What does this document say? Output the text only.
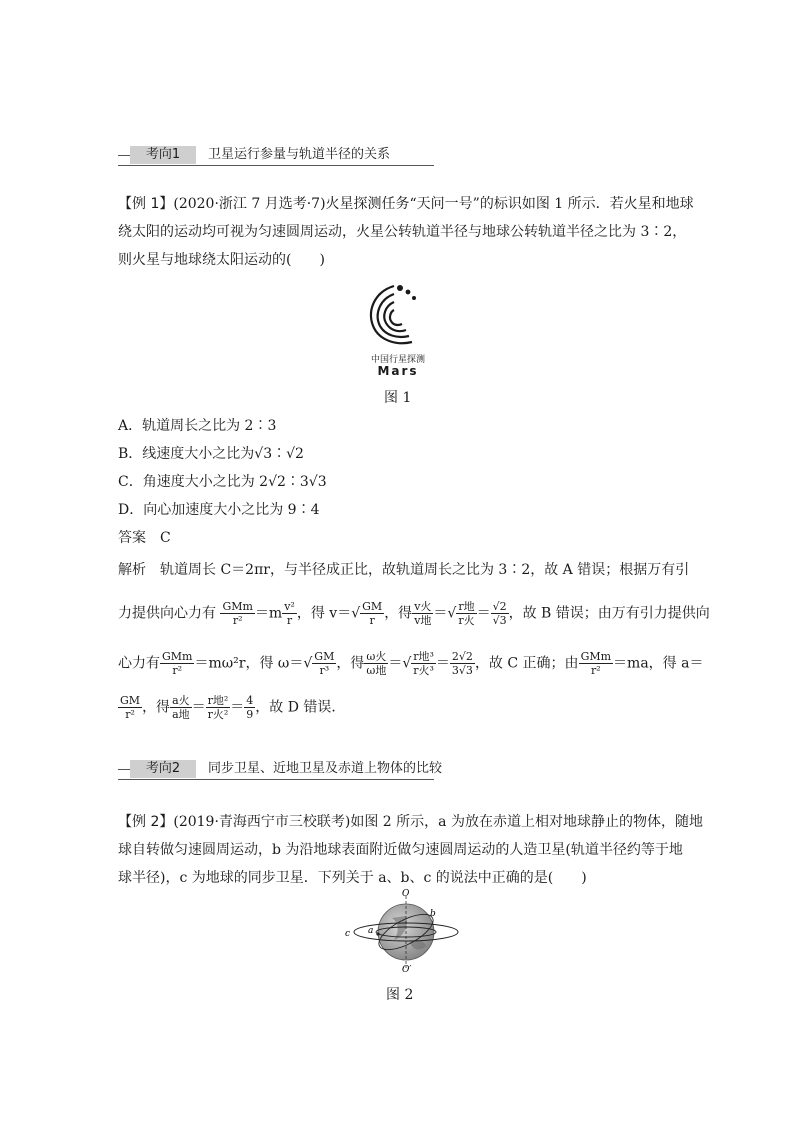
考向1	卫星运行参量与轨道半径的关系
【例 1】(2020·浙江 7 月选考·7)火星探测任务“天问一号”的标识如图 1 所示．若火星和地球
绕太阳的运动均可视为匀速圆周运动，火星公转轨道半径与地球公转轨道半径之比为 3∶2，
则火星与地球绕太阳运动的(　　)
中国行星探测
Mars
图 1
A．轨道周长之比为 2∶3
B．线速度大小之比为√3∶√2
C．角速度大小之比为 2√2∶3√3
D．向心加速度大小之比为 9∶4
答案　 C
解析　 轨道周长 C＝2πr，与半径成正比，故轨道周长之比为 3∶2，故 A 错误；根据万有引
力提供向心力有 $\frac{\text{GMm}}{\text{r²}} =m \frac{\text{v²}}{r}$ ，得 $v=√ \frac{GM}{r}$ ，得 $\frac{\text{v火}}{\text{v地}}$ ＝√ $\frac{\text{r地}}{\text{r火}} = \frac{√2}{√3}$ ，故 B 错误；由万有引力提供向
心力有 $\frac{\text{GMm}}{\text{r²}} =m\omega^2r$，得 $\omega=√ \frac{GM}{\text{r³}}$ ，得 $\frac{\text{ω火}}{\text{ω地}}$ ＝√ $\frac{\text{r地³}}{\text{r火³}} = \frac{2√2}{3√3}$ ，故 C 正确；由 $\frac{\text{GMm}}{\text{r²}} =ma$，得 a＝
$\frac{GM}{\text{r²}}$ ，得 $\frac{\text{a火}}{\text{a地}} = \frac{\text{r地²}}{\text{r火²}} = \frac{4}{9}$ ，故 D 错误．
考向2	同步卫星、近地卫星及赤道上物体的比较
【例 2】(2019·青海西宁市三校联考)如图 2 所示，a 为放在赤道上相对地球静止的物体，随地
球自转做匀速圆周运动，b 为沿地球表面附近做匀速圆周运动的人造卫星(轨道半径约等于地
球半径)，c 为地球的同步卫星．下列关于 a、b、c 的说法中正确的是(　　)
O
O′
a
b
c
图 2
